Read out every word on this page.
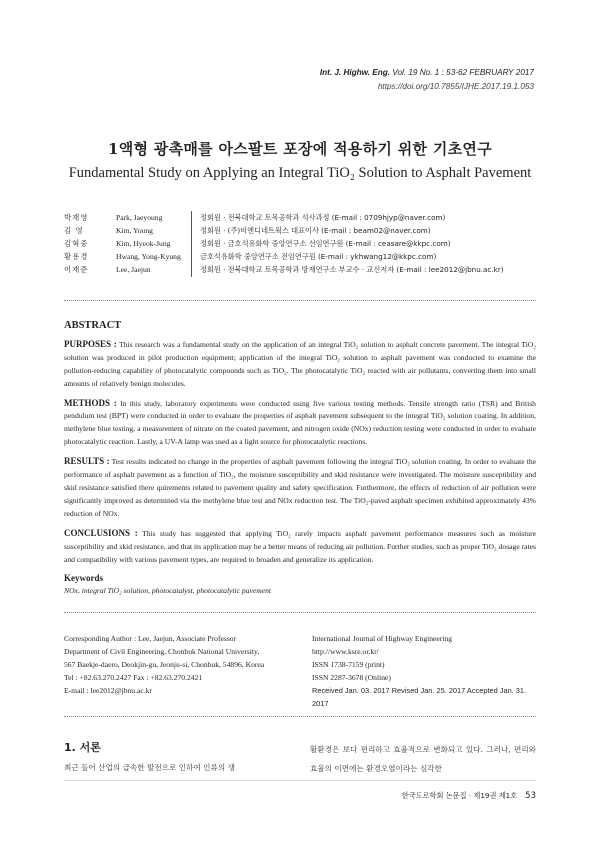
Int. J. Highw. Eng. Vol. 19 No. 1 : 53-62 FEBRUARY 2017
https://doi.org/10.7855/IJHE.2017.19.1.053
1액형 광촉매를 아스팔트 포장에 적용하기 위한 기초연구
Fundamental Study on Applying an Integral TiO₂ Solution to Asphalt Pavement
박재영	Park, Jaeyoung	정회원 · 전북대학교 토목공학과 석사과정 (E-mail : 0709hjyp@naver.com)
김 영	Kim, Young	정회원 · (주)비엔디네트웍스 대표이사 (E-mail : beam02@naver.com)
김혁중	Kim, Hyeok-Jung	정회원 · 금호석유화학 중앙연구소 선임연구원 (E-mail : ceasare@kkpc.com)
황용경	Hwang, Yong-Kyung	금호석유화학 중앙연구소 전임연구원 (E-mail : ykhwang12@kkpc.com)
이재준	Lee, Jaejun	정회원 · 전북대학교 토목공학과 방재연구소 부교수 · 교신저자 (E-mail : lee2012@jbnu.ac.kr)
ABSTRACT

PURPOSES : This research was a fundamental study on the application of an integral TiO₂ solution to asphalt concrete pavement. The integral TiO₂ solution was produced in pilot production equipment; application of the integral TiO₂ solution to asphalt pavement was conducted to examine the pollution-reducing capability of photocatalytic compounds such as TiO₂. The photocatalytic TiO₂ reacted with air pollutants, converting them into small amounts of relatively benign molecules.

METHODS : In this study, laboratory experiments were conducted using five various testing methods. Tensile strength ratio (TSR) and British pendulum test (BPT) were conducted in order to evaluate the properties of asphalt pavement subsequent to the integral TiO₂ solution coating. In addition, methylene blue testing, a measurement of nitrate on the coated pavement, and nitrogen oxide (NOx) reduction testing were conducted in order to evaluate photocatalytic reaction. Lastly, a UV-A lamp was used as a light source for photocatalytic reactions.

RESULTS : Test results indicated no change in the properties of asphalt pavement following the integral TiO₂ solution coating. In order to evaluate the performance of asphalt pavement as a function of TiO₂, the moisture susceptibility and skid resistance were investigated. The moisture susceptibility and skid resistance satisfied there quirements related to pavement quality and safety specification. Furthermore, the effects of reduction of air pollution were significantly improved as determined via the methylene blue test and NOx reduction test. The TiO₂-paved asphalt specimen exhibited approximately 43% reduction of NOx.

CONCLUSIONS : This study has suggested that applying TiO₂ rarely impacts asphalt pavement performance measures such as moisture susceptibility and skid resistance, and that its application may be a better means of reducing air pollution. Further studies, such as proper TiO₂ dosage rates and compatibility with various pavement types, are required to broaden and generalize its application.

Keywords
NOx, integral TiO₂ solution, photocatalyst, photocatalytic pavement
Corresponding Author : Lee, Jaejun, Associate Professor
Department of Civil Engineering, Chonbuk National University,
567 Baekje-daero, Deokjin-gu, Jeonju-si, Chonbuk, 54896, Korea
Tel : +82.63.270.2427 Fax : +82.63.270.2421
E-mail : lee2012@jbnu.ac.kr
International Journal of Highway Engineering
http://www.ksre.or.kr/
ISSN 1738-7159 (print)
ISSN 2287-3678 (Online)
Received Jan. 03. 2017 Revised Jan. 25. 2017 Accepted Jan. 31. 2017
1. 서론
최근 들어 산업의 급속한 발전으로 인하여 인류의 생
활환경은 보다 편리하고 효율적으로 변화되고 있다. 그러나, 편리와 효율의 이면에는 환경오염이라는 심각한
한국도로학회 논문집 · 제19권 제1호 53
